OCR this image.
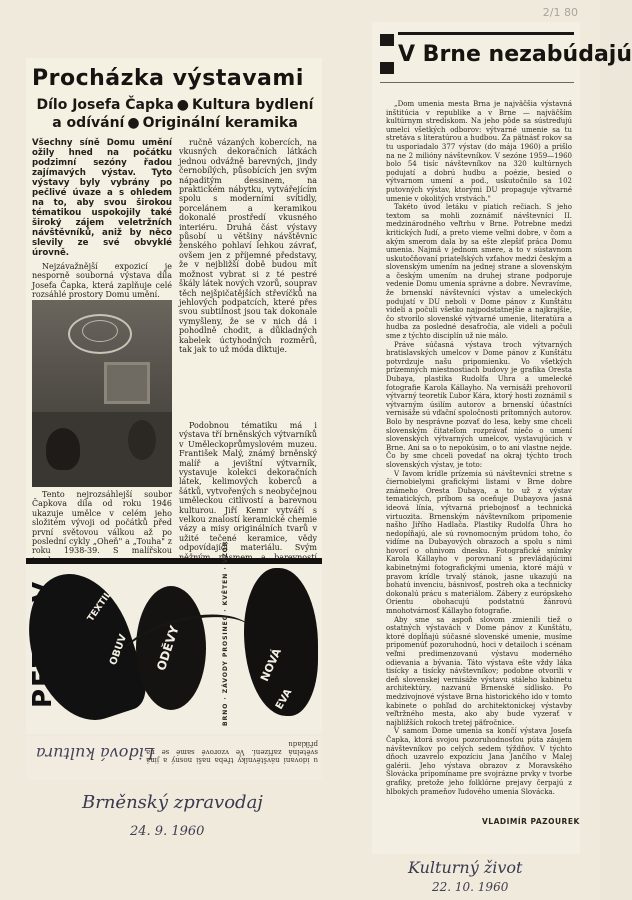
2/1 80
Procházka výstavami
Dílo Josefa Čapka ● Kultura bydlení
a odívání ● Originální keramika

Všechny síně Domu umění ožily hned na počátku podzimní sezóny řadou zajímavých výstav. Tyto výstavy byly vybrány po pečlivé úvaze a s ohledem na to, aby svou širokou tématikou uspokojily také široký zájem veletržních návštěvníků, aniž by něco slevily ze své obvyklé úrovně.

Nejzávažnější expozicí je nesporně souborná výstava díla Josefa Čapka, která zaplňuje celé rozsáhlé prostory Domu umění.

ručně vázaných kobercích, na vkusných dekoračních látkách jednou odvážně barevných, jindy černobílých, působících jen svým nápaditým dessinem, na praktickém nábytku, vytvářejícím spolu s moderními svítidly, porcelánem a keramikou dokonalé prostředí vkusného interiéru. Druhá část výstavy působí u většiny návštěvnic ženského pohlaví lehkou závrať, ovšem jen z příjemné představy, že v nejbližší době budou mít možnost vybrat si z té pestré škály látek nových vzorů, souprav těch nejšpičatějších střevíčků na jehlových podpatcích, které přes svou subtilnost jsou tak dokonale vymyšleny, že se v nich dá i pohodlně chodit, a důkladných kabelek úctyhodných rozměrů, tak jak to už móda diktuje.

Podobnou tématiku má i výstava tří brněnských výtvarníků v Uměleckoprůmyslovém muzeu. František Malý, známý brněnský malíř a jevištní výtvarník, vystavuje kolekci dekoračních látek, kelimových koberců a šátků, vytvořených s neobyčejnou uměleckou citlivostí a barevnou kulturou. Jiří Kemr vytváří s velkou znalostí keramické chemie vázy a misy originálních tvarů v užité tečené keramice, vědy odpovídající materiálu. Svým

Tento nejrozsáhlejší soubor Čapkova díla od roku 1946 ukazuje umělce v celém jeho složitém vývoji od počátků před první světovou válkou až po poslední cykly „Oheň" a „Touha" z roku 1938-39. S malířskou

TEXTIL
OBUV ODĚVY	NOVÁ
EVA
PETROV	BRNO · ZÁVODY PROSINEC · KVĚTEN · VZOR
Lidová kultura
u idovaní návštěvníky třeba naši nosný a jiná světelná zařízení. Ve vzorové samé se na příkladu

Brněnský zpravodaj

24. 9. 1960

V Brne nezabúdajú

„Dom umenia mesta Brna je najväčšia výstavná inštitúcia v republike a v Brne — najväčším kultúrnym strediskom. Na jeho pôde sa sústreďujú umelci všetkých odborov: výtvarné umenie sa tu stretáva s literatúrou a hudbou. Za pätnásť rokov sa tu usporiadalo 377 výstav (do mája 1960) a prišlo na ne 2 milióny návštevníkov. V sezóne 1959—1960 bolo 54 tisíc návštevníkov na 320 kultúrnych podujatí a dobrú hudbu a poézie, besied o výtvarnom umení a pod., uskutočnilo sa 102 putovných výstav, ktorými DU propaguje výtvarné umenie v okolitých vrstvách."

Takéto úvod letáku v piatich rečiach. S jeho textom sa mohli zoznámiť návštevníci II. medzinárodného veľtrhu v Brne. Potrebne medzi kritických ľudí, a preto vieme veľmi dobre, v čom a akým smerom dala by sa ešte zlepšiť práca Domu umenia. Najmä v jednom smere, a to v sústavnom uskutočňovaní priateľských vzťahov medzi českým a slovenským umením na jednej strane a slovenským a českým umením na druhej strane podporuje vedenie Domu umenia správne a dobre. Nevravíme, že brnenskí návštevníci výstav a umeleckých podujatí v DU neboli v Dome pánov z Kunštátu videli a počuli všetko najpodstatnejšie a najkrajšie, čo stvorilo slovenské výtvarné umenie, literatúra a hudba za posledné desaťročia, ale videli a počuli sme z týchto disciplín už nie málo.

Práve súčasná výstava troch výtvarných bratislavských umelcov v Dome pánov z Kunštátu potvrdzuje našu pripomienku. Vo všetkých prízemných miestnostiach budovy je grafika Oresta Dubaya, plastika Rudolfa Uhra a umelecké fotografie Karola Kállayho. Na vernisáži prehovoril výtvarný teoretik Ľubor Kára, ktorý hosti zoznámil s výtvarným úsilím autorov a brnenskí účastníci vernisáže sú vďační spoločnosti prítomných autorov. Bolo by nesprávne pozvať do lesa, keby sme chceli slovenským čitateľom rozprávať niečo o umení slovenských výtvarných umelcov, vystavujúcich v Brne. Ani sa o to nepokúsim, o to ani vlastne nejde. Čo by sme chceli povedať na okraj týchto troch slovenských výstav, je toto:

V ľavom krídle prízemia sú návštevníci stretne s čiernobielymi grafickými listami v Brne dobre známeho Oresta Dubaya, a to už z výstav tematických, príbom sa oceňuje Dubayova jasná ideová línia, výtvarná priebojnosť a technická virtuozita. Brnenským návštevníkom pripomenie našho Jiřího Hadlača. Plastiky Rudolfa Uhra ho nedopíňajú, ale sú rovnomocným prúdom toho, čo vidíme na Dubayových obrazoch a spolu s nimi hovorí o ohnivom dnesku. Fotografické snímky Karola Kállayho v porovnaní s prevládajúcimi kabinetnými fotografickými umenia, ktoré májú v pravom krídle trvalý stánok, jasne ukazujú na bohatú invenciu, básnivosť, postreh oka a technicky dokonalú prácu s materiálom. Zábery z európskeho Orientu obohacujú podstatnú žánrovú mnohotvárnosť Kállayho fotografie.

Aby sme sa aspoň slovom zmienili tiež o ostatných výstavách v Dome pánov z Kunštátu, ktoré dopĺňajú súčasné slovenské umenie, musíme pripomenúť pozoruhodnú, hoci v detailoch i scénam veľmi predimenzovanú výstavu moderného odievania a bývania. Táto výstava ešte vždy láka tisícky a tisícky návštevníkov; podobne otvorili v deň slovenskej vernisáže výstavu stáleho kabinetu architektúry, nazvanú Brnenské sídlisko. Po medzivojnové výstave Brna historického ido v tomto kabinete o pohľad do architektonickej výstavby veľtržného mesta, ako aby bude vyzerať v najbližších rokoch tretej päťročnice.

V samom Dome umenia sa končí výstava Josefa Čapka, ktorá svojou pozoruhodnosťou púta záujem návštevníkov po celých sedem týždňov. V týchto dňoch uzavrelo expozíciu Jana Jančího v Malej galérii. Jeho výstava obrazov z Moravského Slovácka pripomíname pre svojrázne prvky v tvorbe grafiky, pretože jeho folklórne prejavy čerpajú z hlbokých prameňov ľudového umenia Slovácka.

VLADIMÍR PAZOUREK

Kulturný život

22. 10. 1960
